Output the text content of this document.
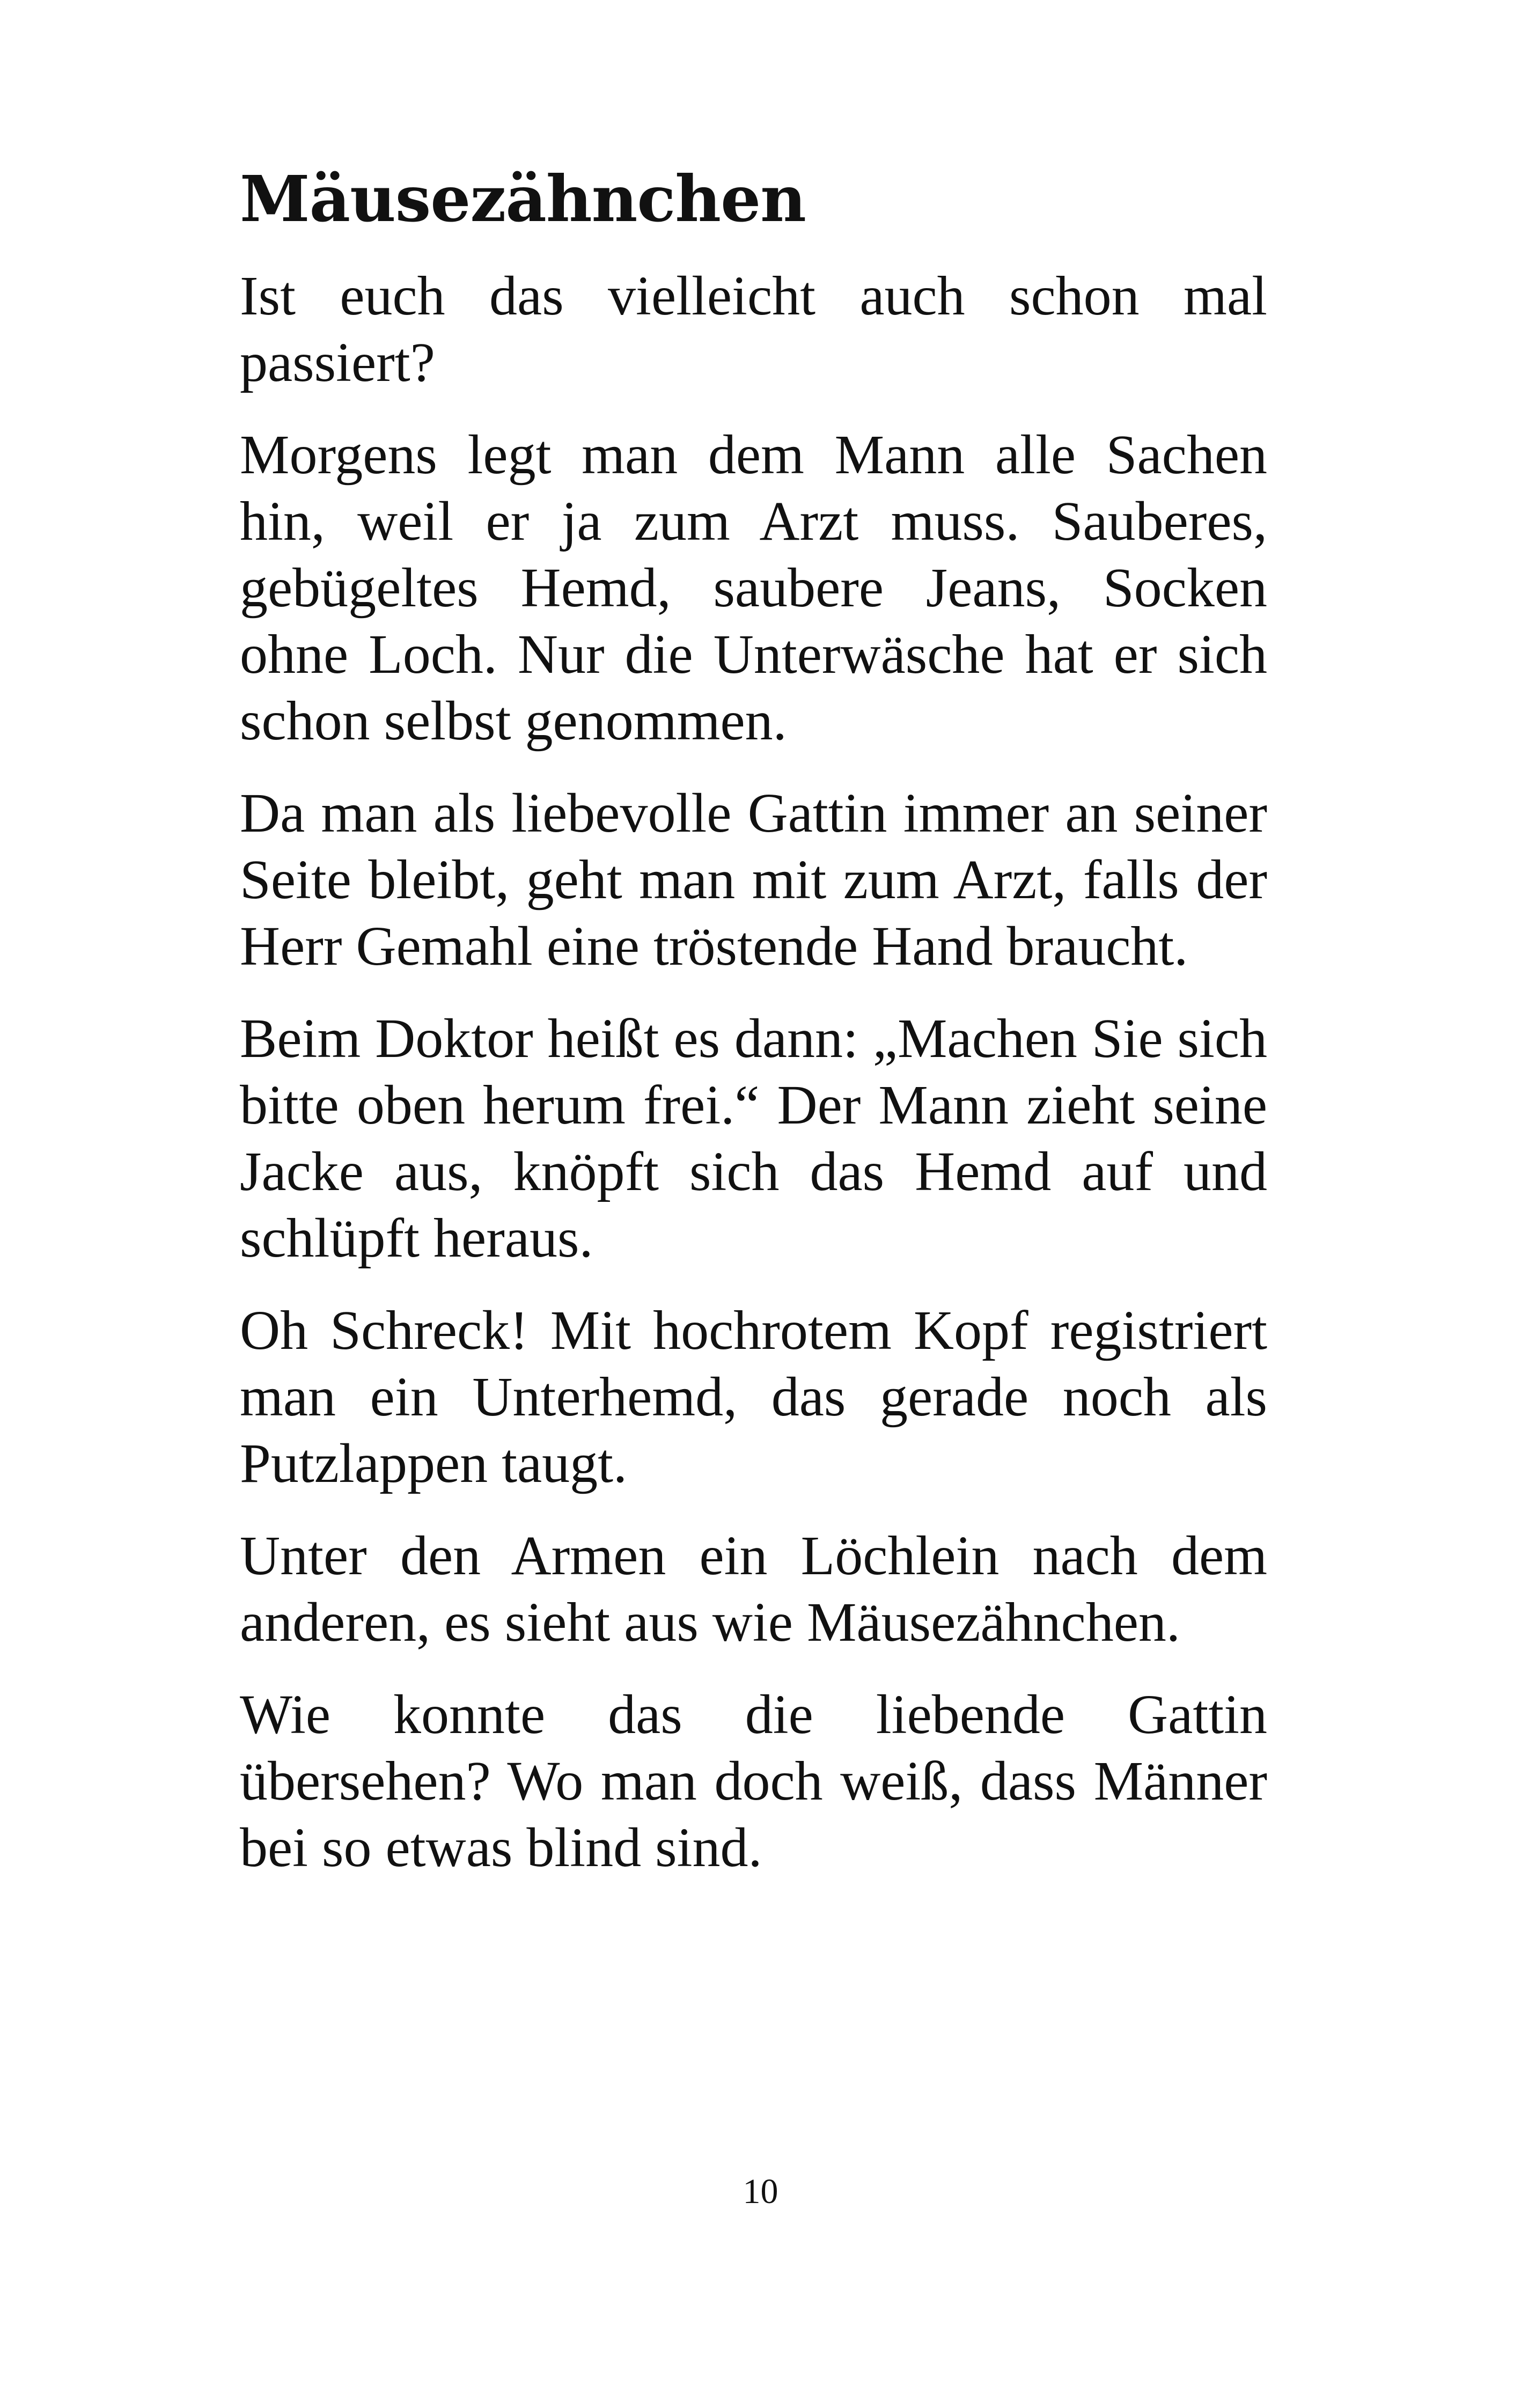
Mäusezähnchen

Ist euch das vielleicht auch schon mal passiert?

Morgens legt man dem Mann alle Sachen hin, weil er ja zum Arzt muss. Sauberes, gebügeltes Hemd, saubere Jeans, Socken ohne Loch. Nur die Unterwäsche hat er sich schon selbst genommen.

Da man als liebevolle Gattin immer an seiner Seite bleibt, geht man mit zum Arzt, falls der Herr Gemahl eine tröstende Hand braucht.

Beim Doktor heißt es dann: „Machen Sie sich bitte oben herum frei.“ Der Mann zieht seine Jacke aus, knöpft sich das Hemd auf und schlüpft heraus.

Oh Schreck! Mit hochrotem Kopf registriert man ein Unterhemd, das gerade noch als Putzlappen taugt.

Unter den Armen ein Löchlein nach dem anderen, es sieht aus wie Mäusezähnchen.

Wie konnte das die liebende Gattin übersehen? Wo man doch weiß, dass Männer bei so etwas blind sind.

10
